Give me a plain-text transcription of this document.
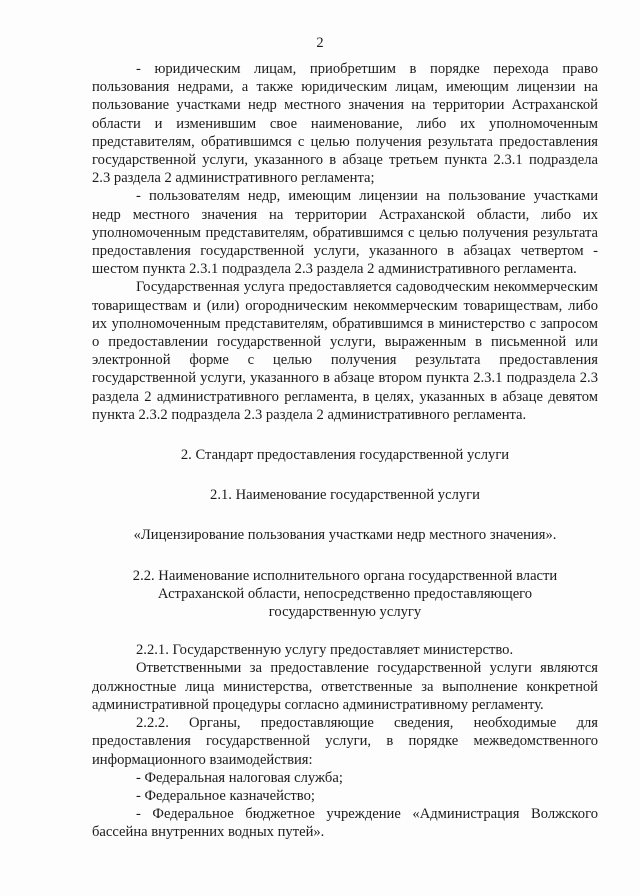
2

- юридическим лицам, приобретшим в порядке перехода право пользования недрами, а также юридическим лицам, имеющим лицензии на пользование участками недр местного значения на территории Астраханской области и изменившим свое наименование, либо их уполномоченным представителям, обратившимся с целью получения результата предоставления государственной услуги, указанного в абзаце третьем пункта 2.3.1 подраздела 2.3 раздела 2 административного регламента;

- пользователям недр, имеющим лицензии на пользование участками недр местного значения на территории Астраханской области, либо их уполномоченным представителям, обратившимся с целью получения результата предоставления государственной услуги, указанного в абзацах четвертом - шестом пункта 2.3.1 подраздела 2.3 раздела 2 административного регламента.

Государственная услуга предоставляется садоводческим некоммерческим товариществам и (или) огородническим некоммерческим товариществам, либо их уполномоченным представителям, обратившимся в министерство с запросом о предоставлении государственной услуги, выраженным в письменной или электронной форме с целью получения результата предоставления государственной услуги, указанного в абзаце втором пункта 2.3.1 подраздела 2.3 раздела 2 административного регламента, в целях, указанных в абзаце девятом пункта 2.3.2 подраздела 2.3 раздела 2 административного регламента.

2. Стандарт предоставления государственной услуги

2.1. Наименование государственной услуги

«Лицензирование пользования участками недр местного значения».

2.2. Наименование исполнительного органа государственной власти
Астраханской области, непосредственно предоставляющего
государственную услугу

2.2.1. Государственную услугу предоставляет министерство.

Ответственными за предоставление государственной услуги являются должностные лица министерства, ответственные за выполнение конкретной административной процедуры согласно административному регламенту.

2.2.2. Органы, предоставляющие сведения, необходимые для предоставления государственной услуги, в порядке межведомственного информационного взаимодействия:

- Федеральная налоговая служба;

- Федеральное казначейство;

- Федеральное бюджетное учреждение «Администрация Волжского бассейна внутренних водных путей».
